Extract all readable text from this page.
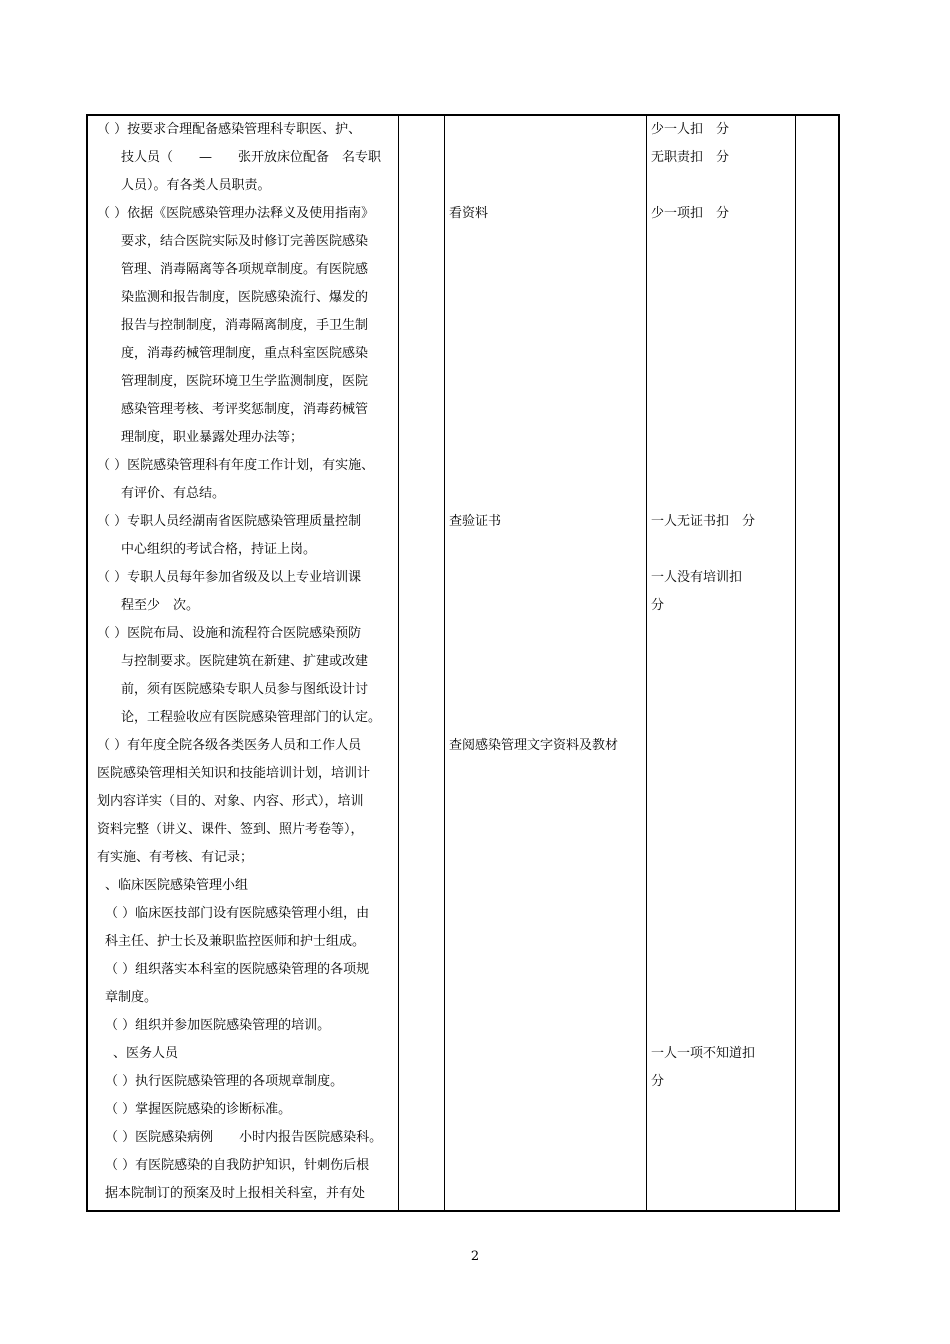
（ ）按要求合理配备感染管理科专职医、护、
技人员（　　—　　张开放床位配备　名专职
人员）。有各类人员职责。
（ ）依据《医院感染管理办法释义及使用指南》
要求，结合医院实际及时修订完善医院感染
管理、消毒隔离等各项规章制度。有医院感
染监测和报告制度，医院感染流行、爆发的
报告与控制制度，消毒隔离制度，手卫生制
度，消毒药械管理制度，重点科室医院感染
管理制度，医院环境卫生学监测制度，医院
感染管理考核、考评奖惩制度，消毒药械管
理制度，职业暴露处理办法等；
（ ）医院感染管理科有年度工作计划，有实施、
有评价、有总结。
（ ）专职人员经湖南省医院感染管理质量控制
中心组织的考试合格，持证上岗。
（ ）专职人员每年参加省级及以上专业培训课
程至少　次。
（ ）医院布局、设施和流程符合医院感染预防
与控制要求。医院建筑在新建、扩建或改建
前，须有医院感染专职人员参与图纸设计讨
论，工程验收应有医院感染管理部门的认定。
（ ）有年度全院各级各类医务人员和工作人员
医院感染管理相关知识和技能培训计划，培训计
划内容详实（目的、对象、内容、形式），培训
资料完整（讲义、课件、签到、照片考卷等），
有实施、有考核、有记录；
、临床医院感染管理小组
（ ）临床医技部门设有医院感染管理小组，由
科主任、护士长及兼职监控医师和护士组成。
（ ）组织落实本科室的医院感染管理的各项规
章制度。
（ ）组织并参加医院感染管理的培训。
、医务人员
（ ）执行医院感染管理的各项规章制度。
（ ）掌握医院感染的诊断标准。
（ ）医院感染病例　　小时内报告医院感染科。
（ ）有医院感染的自我防护知识，针刺伤后根
据本院制订的预案及时上报相关科室，并有处
看资料
查验证书
查阅感染管理文字资料及教材
少一人扣　分
无职责扣　分
少一项扣　分
一人无证书扣　分
一人没有培训扣
分
一人一项不知道扣
分
2
